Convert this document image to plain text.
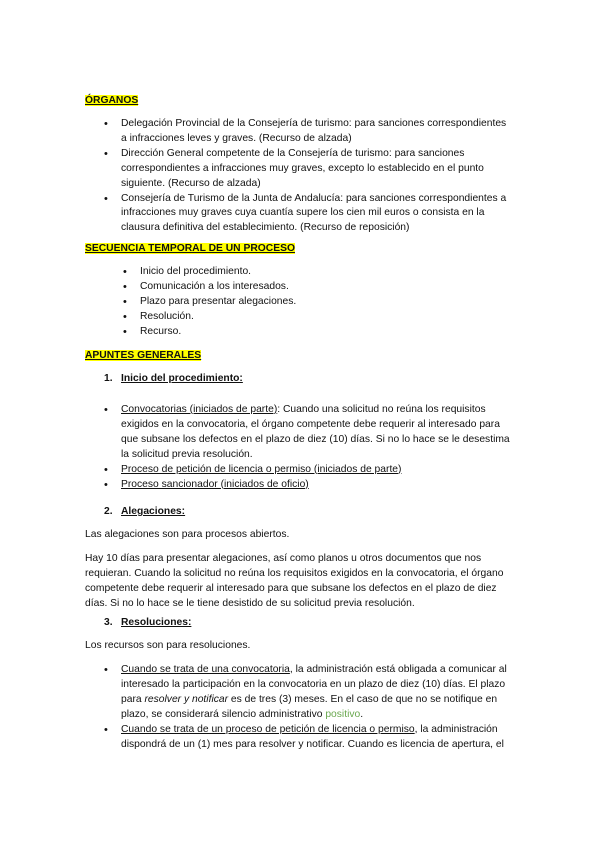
ÓRGANOS
• Delegación Provincial de la Consejería de turismo: para sanciones correspondientes a infracciones leves y graves. (Recurso de alzada)
• Dirección General competente de la Consejería de turismo: para sanciones correspondientes a infracciones muy graves, excepto lo establecido en el punto siguiente. (Recurso de alzada)
• Consejería de Turismo de la Junta de Andalucía: para sanciones correspondientes a infracciones muy graves cuya cuantía supere los cien mil euros o consista en la clausura definitiva del establecimiento. (Recurso de reposición)
SECUENCIA TEMPORAL DE UN PROCESO
• Inicio del procedimiento.
• Comunicación a los interesados.
• Plazo para presentar alegaciones.
• Resolución.
• Recurso.
APUNTES GENERALES
1. Inicio del procedimiento:
• Convocatorias (iniciados de parte): Cuando una solicitud no reúna los requisitos exigidos en la convocatoria, el órgano competente debe requerir al interesado para que subsane los defectos en el plazo de diez (10) días. Si no lo hace se le desestima la solicitud previa resolución.
• Proceso de petición de licencia o permiso (iniciados de parte)
• Proceso sancionador (iniciados de oficio)
2. Alegaciones:

Las alegaciones son para procesos abiertos.

Hay 10 días para presentar alegaciones, así como planos u otros documentos que nos requieran. Cuando la solicitud no reúna los requisitos exigidos en la convocatoria, el órgano competente debe requerir al interesado para que subsane los defectos en el plazo de diez días. Si no lo hace se le tiene desistido de su solicitud previa resolución.

3. Resoluciones:

Los recursos son para resoluciones.

• Cuando se trata de una convocatoria, la administración está obligada a comunicar al interesado la participación en la convocatoria en un plazo de diez (10) días. El plazo para resolver y notificar es de tres (3) meses. En el caso de que no se notifique en plazo, se considerará silencio administrativo positivo.
• Cuando se trata de un proceso de petición de licencia o permiso, la administración dispondrá de un (1) mes para resolver y notificar. Cuando es licencia de apertura, el
